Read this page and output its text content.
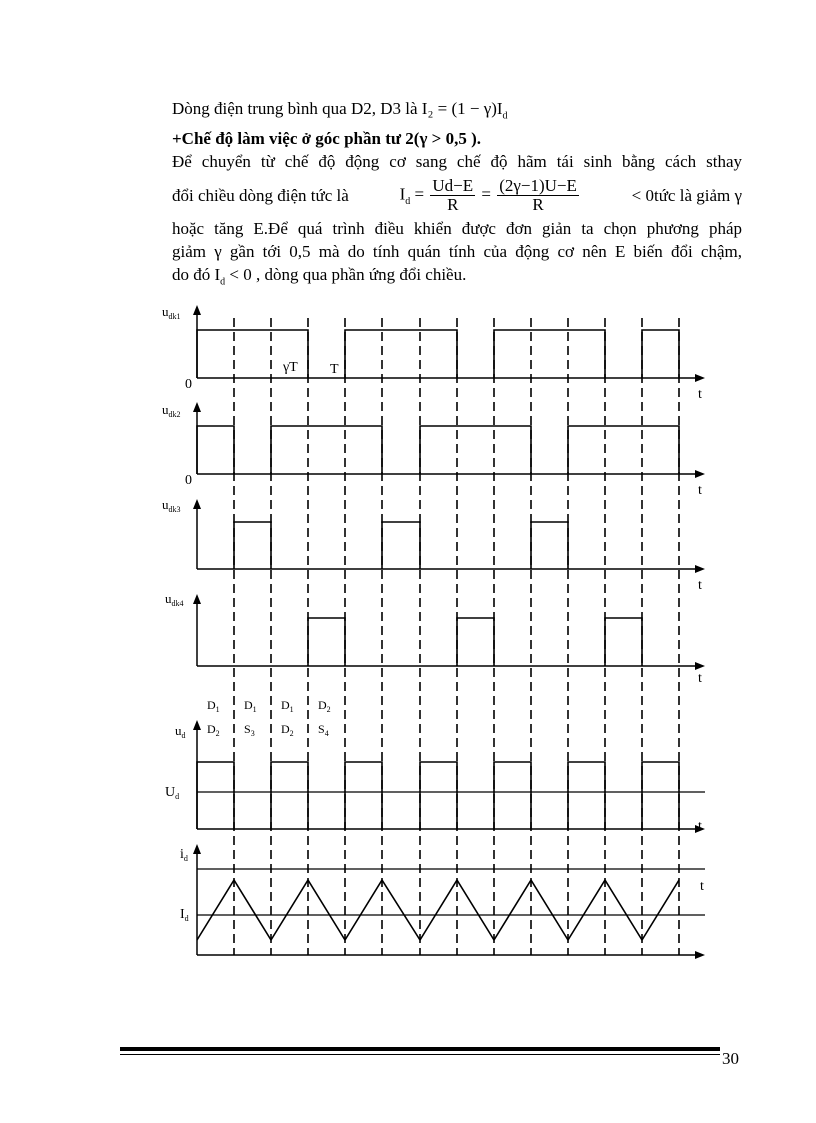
Dòng điện trung bình qua D2, D3 là $I_2 = (1 - \gamma)I_d$
+Chế độ làm việc ở góc phần tư 2(γ > 0,5 ).
Để chuyển từ chế độ động cơ sang chế độ hãm tái sinh bằng cách sthay
đổi chiều dòng điện tức là	$I_d = \frac{Ud-E}{R} = \frac{(2\gamma-1)U-E}{R}$	< 0tức là giảm γ
hoặc tăng E.Để quá trình điều khiển được đơn giản ta chọn phương pháp
giảm γ gần tới 0,5 mà do tính quán tính của động cơ nên E biến đổi chậm,
do đó $I_d < 0$ , dòng qua phần ứng đổi chiều.
$u_{dk1}$
0
γT T
t
$u_{dk2}$
0
t
$u_{dk3}$
t
$u_{dk4}$
t
$u_d$
$U_d$
t
$D_1$
$D_2$
$D_1$
$S_3$
$D_1$
$D_2$
$D_2$
$S_4$
$i_d$
$I_d$
t
30
